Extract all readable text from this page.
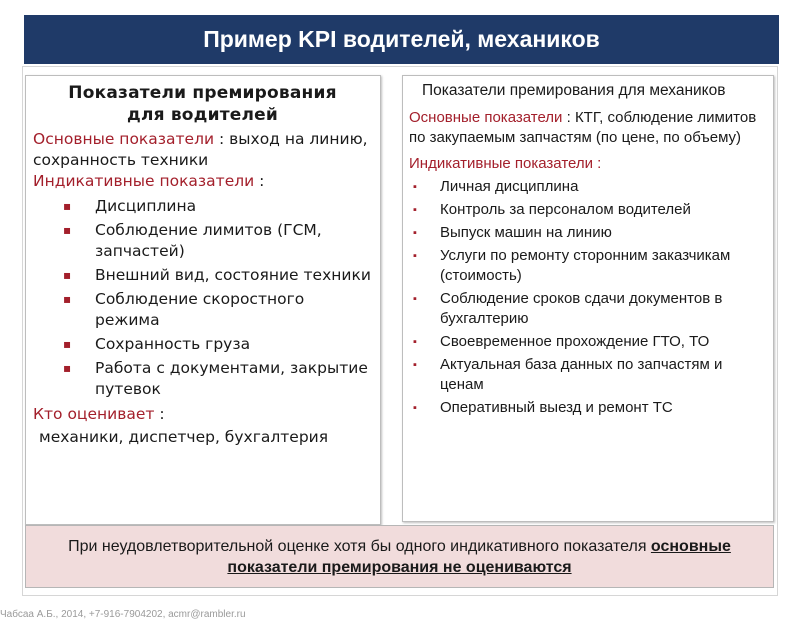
Пример KPI водителей, механиков

Показатели премирования
для водителей

Основные показатели : выход на линию, сохранность техники

Индикативные показатели :

▪ Дисциплина
▪ Соблюдение лимитов (ГСМ, запчастей)
▪ Внешний вид, состояние техники
▪ Соблюдение скоростного режима
▪ Сохранность груза
▪ Работа с документами, закрытие путевок

Кто оценивает :

механики, диспетчер, бухгалтерия

Показатели премирования для механиков

Основные показатели : КТГ, соблюдение лимитов по закупаемым запчастям (по цене, по объему)

Индикативные показатели :

▪ Личная дисциплина
▪ Контроль за персоналом водителей
▪ Выпуск машин на линию
▪ Услуги по ремонту сторонним заказчикам (стоимость)
▪ Соблюдение сроков сдачи документов в бухгалтерию
▪ Своевременное прохождение ГТО, ТО
▪ Актуальная база данных по запчастям и ценам
▪ Оперативный выезд и ремонт ТС
При неудовлетворительной оценке хотя бы одного индикативного показателя основные показатели премирования не оцениваются
Чабсаа А.Б., 2014, +7-916-7904202, acmr@rambler.ru
